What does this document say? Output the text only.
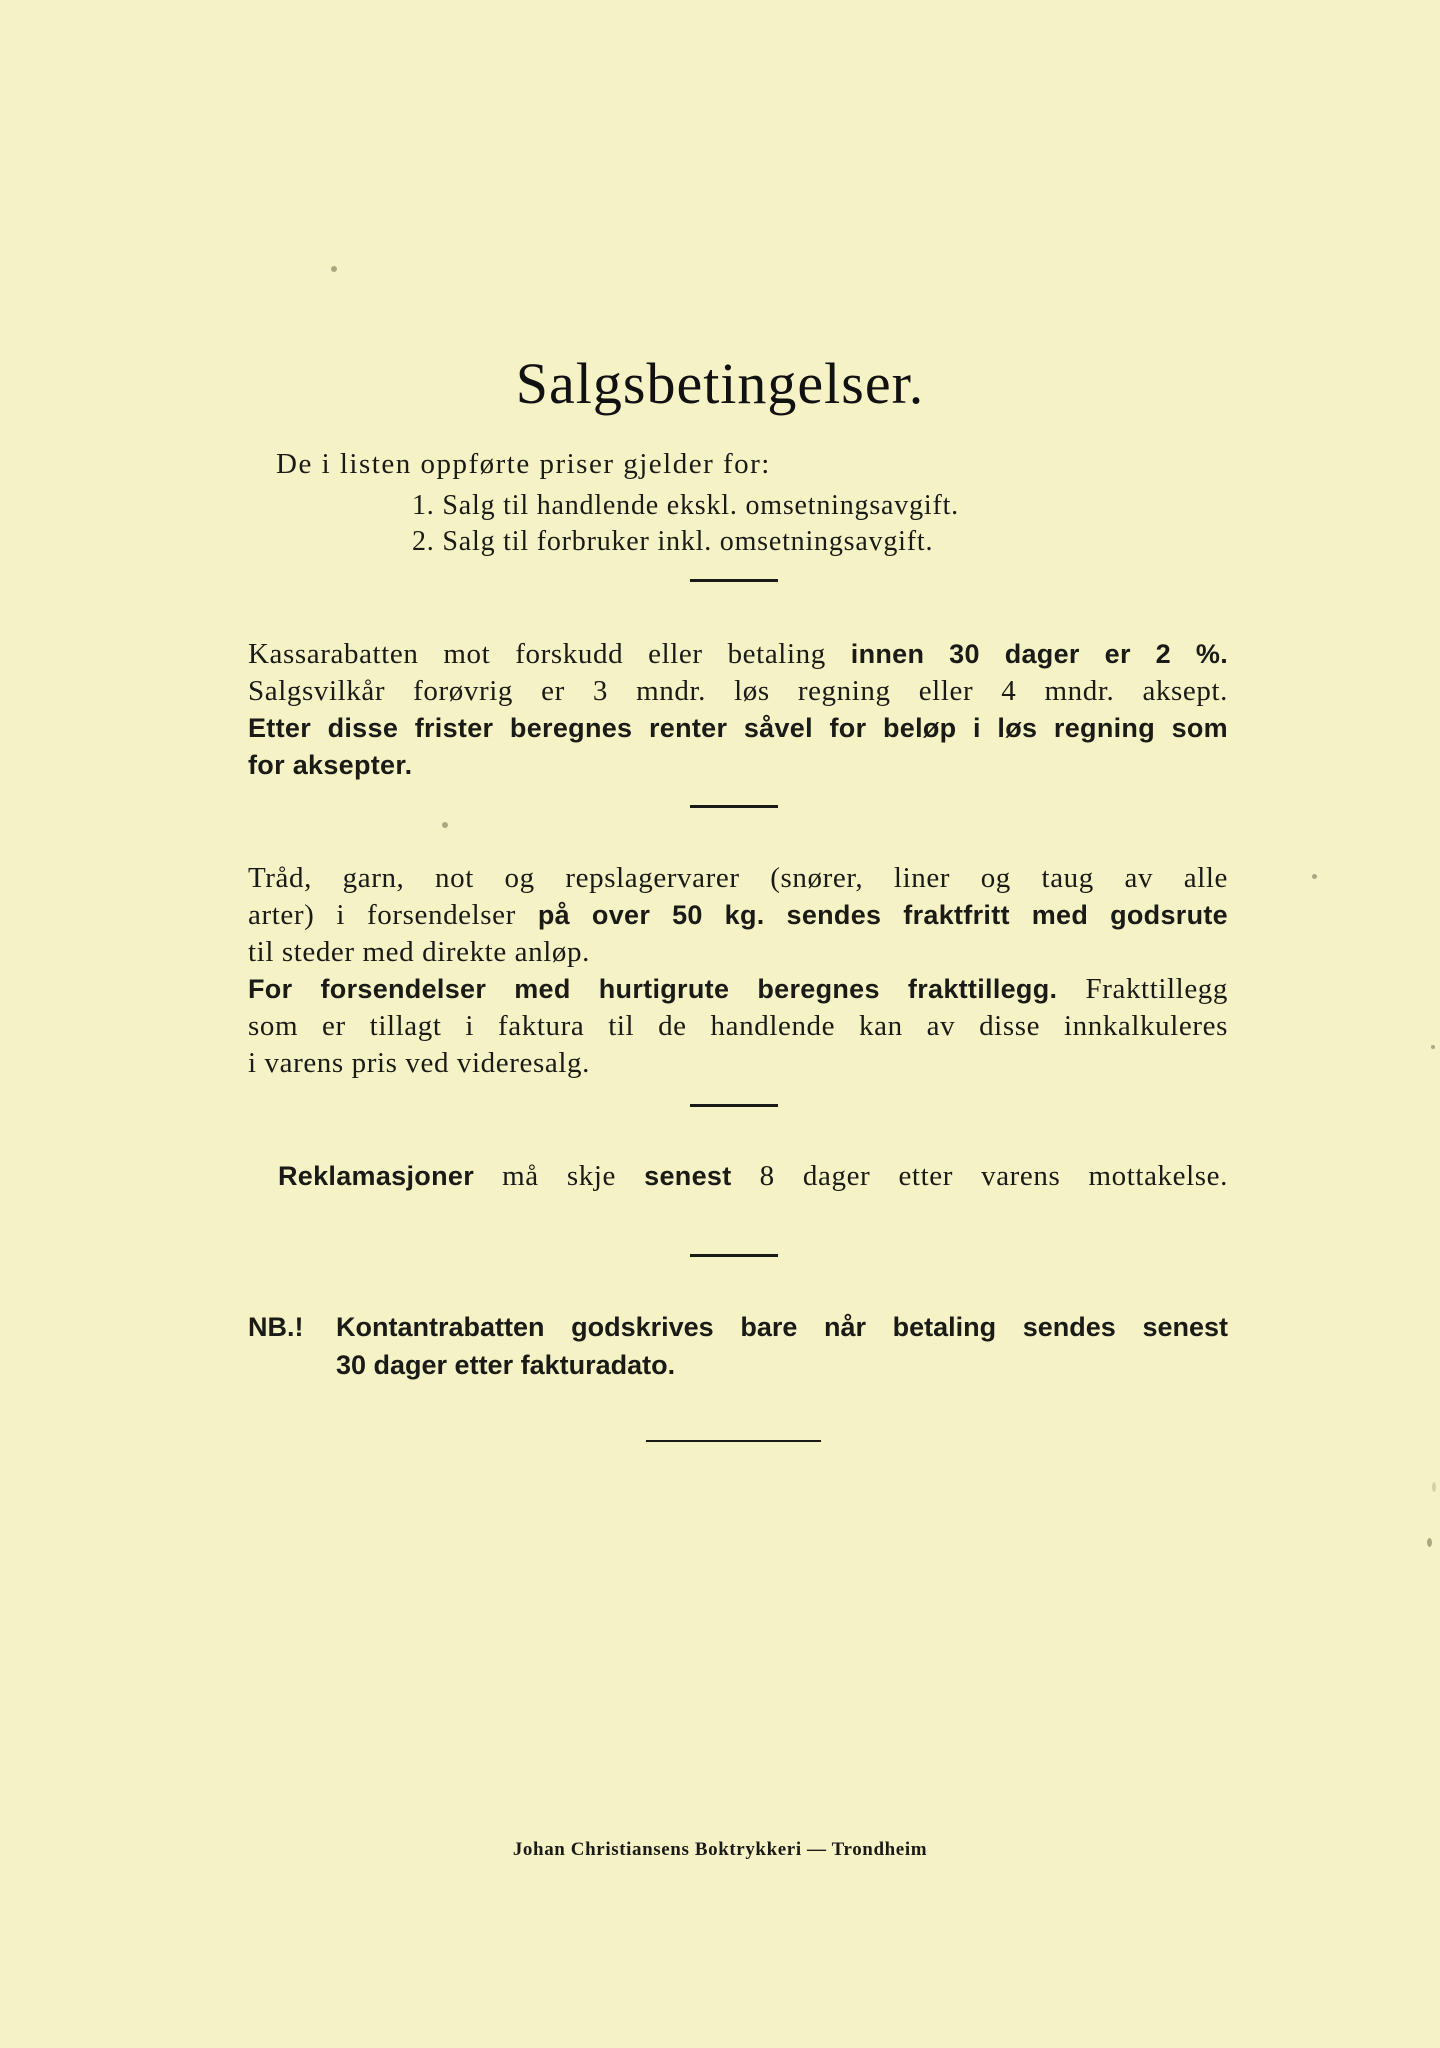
Salgsbetingelser.
De i listen oppførte priser gjelder for:
1. Salg til handlende ekskl. omsetningsavgift.
2. Salg til forbruker inkl. omsetningsavgift.
Kassarabatten mot forskudd eller betaling innen 30 dager er 2 %.
Salgsvilkår forøvrig er 3 mndr. løs regning eller 4 mndr. aksept.
Etter disse frister beregnes renter såvel for beløp i løs regning som
for aksepter.
Tråd, garn, not og repslagervarer (snører, liner og taug av alle
arter) i forsendelser på over 50 kg. sendes fraktfritt med godsrute
til steder med direkte anløp.
For forsendelser med hurtigrute beregnes frakttillegg. Frakttillegg
som er tillagt i faktura til de handlende kan av disse innkalkuleres
i varens pris ved videresalg.
Reklamasjoner må skje senest 8 dager etter varens mottakelse.
NB.! Kontantrabatten godskrives bare når betaling sendes senest
30 dager etter fakturadato.
Johan Christiansens Boktrykkeri — Trondheim
